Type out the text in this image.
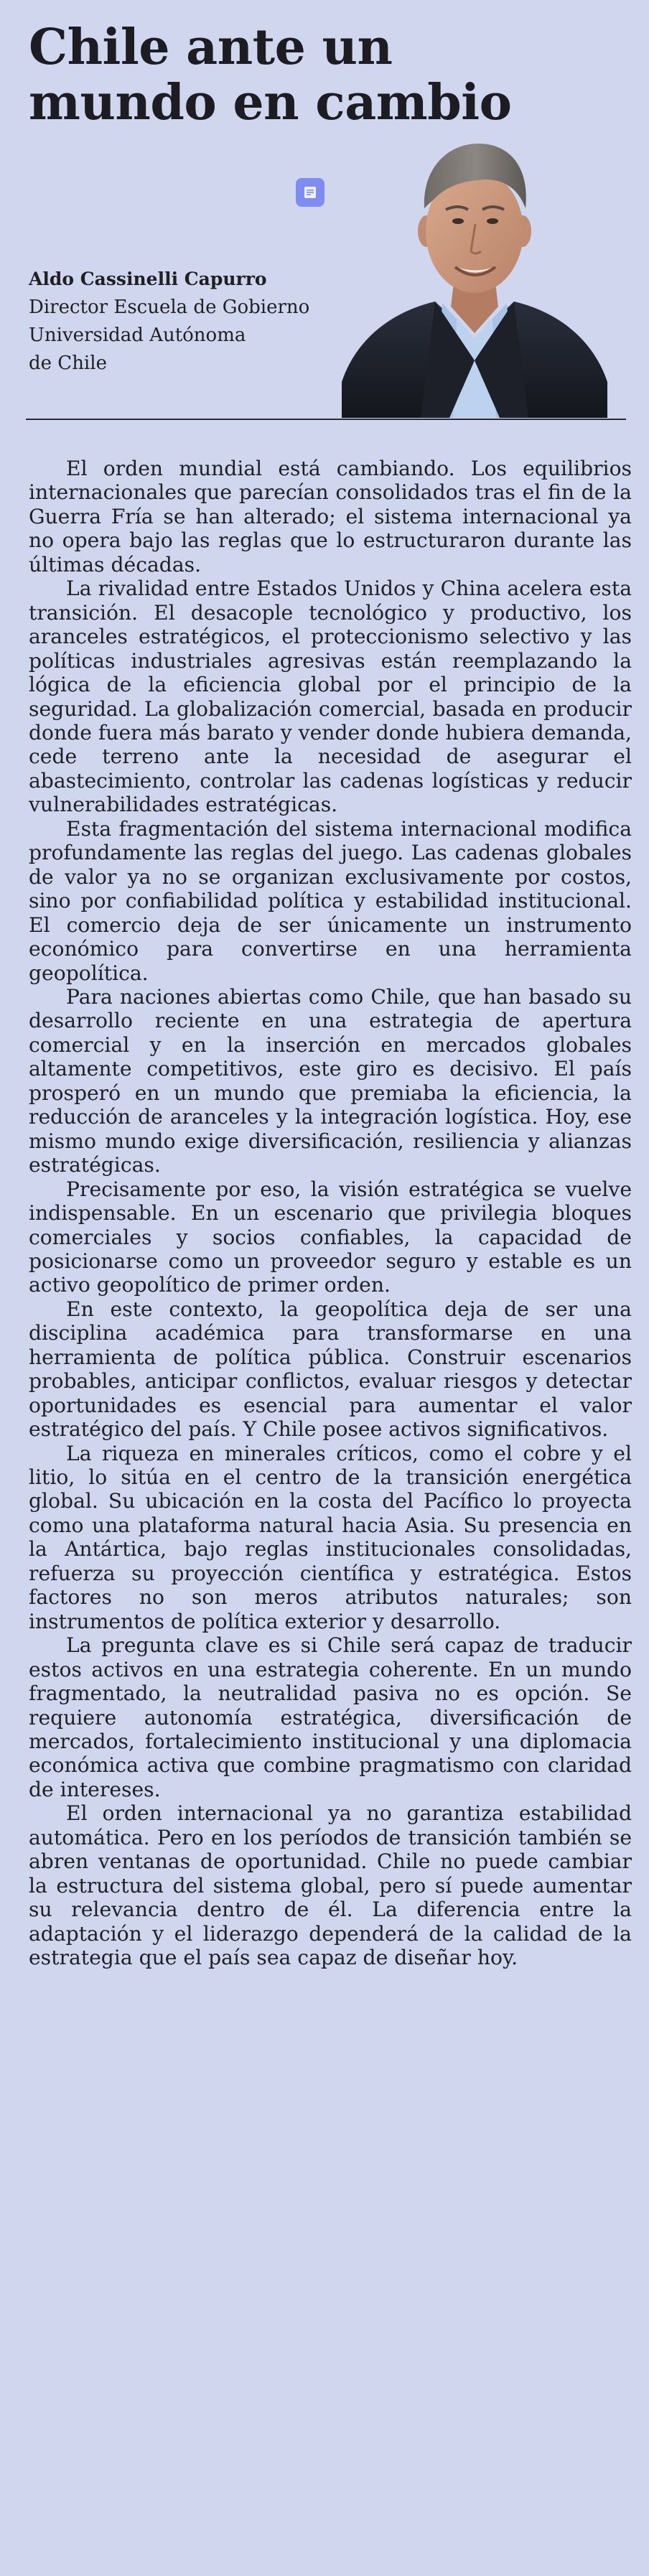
Chile ante un mundo en cambio
Aldo Cassinelli Capurro
Director Escuela de Gobierno
Universidad Autónoma
de Chile

El orden mundial está cambiando. Los equilibrios internacionales que parecían consolidados tras el fin de la Guerra Fría se han alterado; el sistema internacional ya no opera bajo las reglas que lo estructuraron durante las últimas décadas.

La rivalidad entre Estados Unidos y China acelera esta transición. El desacople tecnológico y productivo, los aranceles estratégicos, el proteccionismo selectivo y las políticas industriales agresivas están reemplazando la lógica de la eficiencia global por el principio de la seguridad. La globalización comercial, basada en producir donde fuera más barato y vender donde hubiera demanda, cede terreno ante la necesidad de asegurar el abastecimiento, controlar las cadenas logísticas y reducir vulnerabilidades estratégicas.

Esta fragmentación del sistema internacional modifica profundamente las reglas del juego. Las cadenas globales de valor ya no se organizan exclusivamente por costos, sino por confiabilidad política y estabilidad institucional. El comercio deja de ser únicamente un instrumento económico para convertirse en una herramienta geopolítica.

Para naciones abiertas como Chile, que han basado su desarrollo reciente en una estrategia de apertura comercial y en la inserción en mercados globales altamente competitivos, este giro es decisivo. El país prosperó en un mundo que premiaba la eficiencia, la reducción de aranceles y la integración logística. Hoy, ese mismo mundo exige diversificación, resiliencia y alianzas estratégicas.

Precisamente por eso, la visión estratégica se vuelve indispensable. En un escenario que privilegia bloques comerciales y socios confiables, la capacidad de posicionarse como un proveedor seguro y estable es un activo geopolítico de primer orden.

En este contexto, la geopolítica deja de ser una disciplina académica para transformarse en una herramienta de política pública. Construir escenarios probables, anticipar conflictos, evaluar riesgos y detectar oportunidades es esencial para aumentar el valor estratégico del país. Y Chile posee activos significativos.

La riqueza en minerales críticos, como el cobre y el litio, lo sitúa en el centro de la transición energética global. Su ubicación en la costa del Pacífico lo proyecta como una plataforma natural hacia Asia. Su presencia en la Antártica, bajo reglas institucionales consolidadas, refuerza su proyección científica y estratégica. Estos factores no son meros atributos naturales; son instrumentos de política exterior y desarrollo.

La pregunta clave es si Chile será capaz de traducir estos activos en una estrategia coherente. En un mundo fragmentado, la neutralidad pasiva no es opción. Se requiere autonomía estratégica, diversificación de mercados, fortalecimiento institucional y una diplomacia económica activa que combine pragmatismo con claridad de intereses.

El orden internacional ya no garantiza estabilidad automática. Pero en los períodos de transición también se abren ventanas de oportunidad. Chile no puede cambiar la estructura del sistema global, pero sí puede aumentar su relevancia dentro de él. La diferencia entre la adaptación y el liderazgo dependerá de la calidad de la estrategia que el país sea capaz de diseñar hoy.
